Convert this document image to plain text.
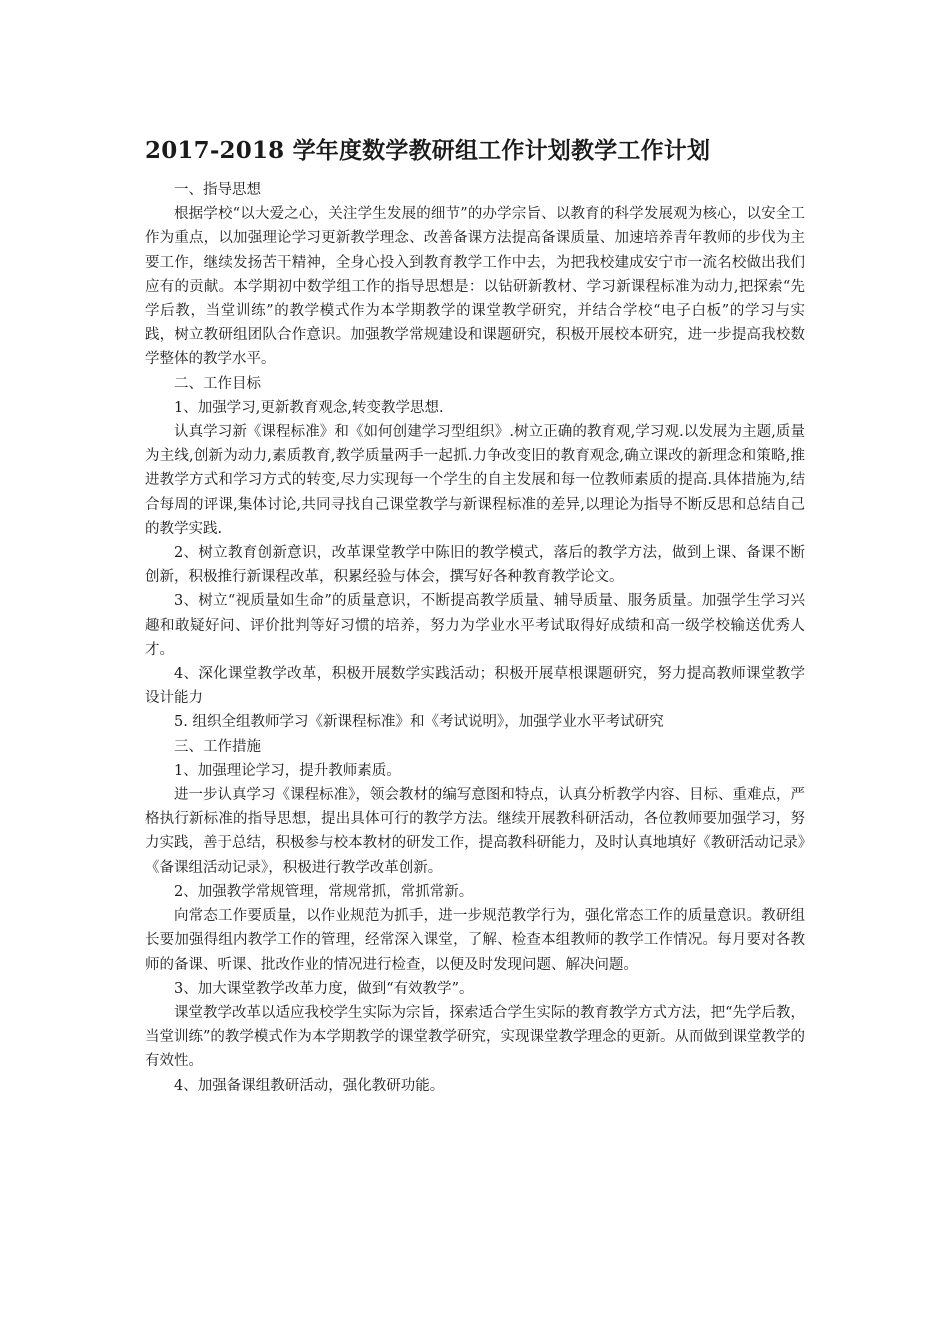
2017-2018 学年度数学教研组工作计划教学工作计划

一、指导思想

根据学校“以大爱之心，关注学生发展的细节”的办学宗旨、以教育的科学发展观为核心，以安全工作为重点，以加强理论学习更新教学理念、改善备课方法提高备课质量、加速培养青年教师的步伐为主要工作，继续发扬苦干精神，全身心投入到教育教学工作中去，为把我校建成安宁市一流名校做出我们应有的贡献。本学期初中数学组工作的指导思想是：以钻研新教材、学习新课程标准为动力,把探索“先学后教，当堂训练”的教学模式作为本学期教学的课堂教学研究，并结合学校“电子白板”的学习与实践，树立教研组团队合作意识。加强教学常规建设和课题研究，积极开展校本研究，进一步提高我校数学整体的教学水平。

二、工作目标

1、加强学习,更新教育观念,转变教学思想.

认真学习新《课程标准》和《如何创建学习型组织》.树立正确的教育观,学习观.以发展为主题,质量为主线,创新为动力,素质教育,教学质量两手一起抓.力争改变旧的教育观念,确立课改的新理念和策略,推进教学方式和学习方式的转变,尽力实现每一个学生的自主发展和每一位教师素质的提高.具体措施为,结合每周的评课,集体讨论,共同寻找自己课堂教学与新课程标准的差异,以理论为指导不断反思和总结自己的教学实践.

2、树立教育创新意识，改革课堂教学中陈旧的教学模式，落后的教学方法，做到上课、备课不断创新，积极推行新课程改革，积累经验与体会，撰写好各种教育教学论文。

3、树立“视质量如生命”的质量意识，不断提高教学质量、辅导质量、服务质量。加强学生学习兴趣和敢疑好问、评价批判等好习惯的培养，努力为学业水平考试取得好成绩和高一级学校输送优秀人才。

4、深化课堂教学改革，积极开展数学实践活动；积极开展草根课题研究，努力提高教师课堂教学设计能力

5. 组织全组教师学习《新课程标准》和《考试说明》，加强学业水平考试研究

三、工作措施

1、加强理论学习，提升教师素质。

进一步认真学习《课程标准》，领会教材的编写意图和特点，认真分析教学内容、目标、重难点，严格执行新标准的指导思想，提出具体可行的教学方法。继续开展教科研活动，各位教师要加强学习，努力实践，善于总结，积极参与校本教材的研发工作，提高教科研能力，及时认真地填好《教研活动记录》《备课组活动记录》，积极进行教学改革创新。

2、加强教学常规管理，常规常抓，常抓常新。

向常态工作要质量，以作业规范为抓手，进一步规范教学行为，强化常态工作的质量意识。教研组长要加强得组内教学工作的管理，经常深入课堂，了解、检查本组教师的教学工作情况。每月要对各教师的备课、听课、批改作业的情况进行检查，以便及时发现问题、解决问题。

3、加大课堂教学改革力度，做到“有效教学”。

课堂教学改革以适应我校学生实际为宗旨，探索适合学生实际的教育教学方式方法，把“先学后教，当堂训练”的教学模式作为本学期教学的课堂教学研究，实现课堂教学理念的更新。从而做到课堂教学的有效性。

4、加强备课组教研活动，强化教研功能。
